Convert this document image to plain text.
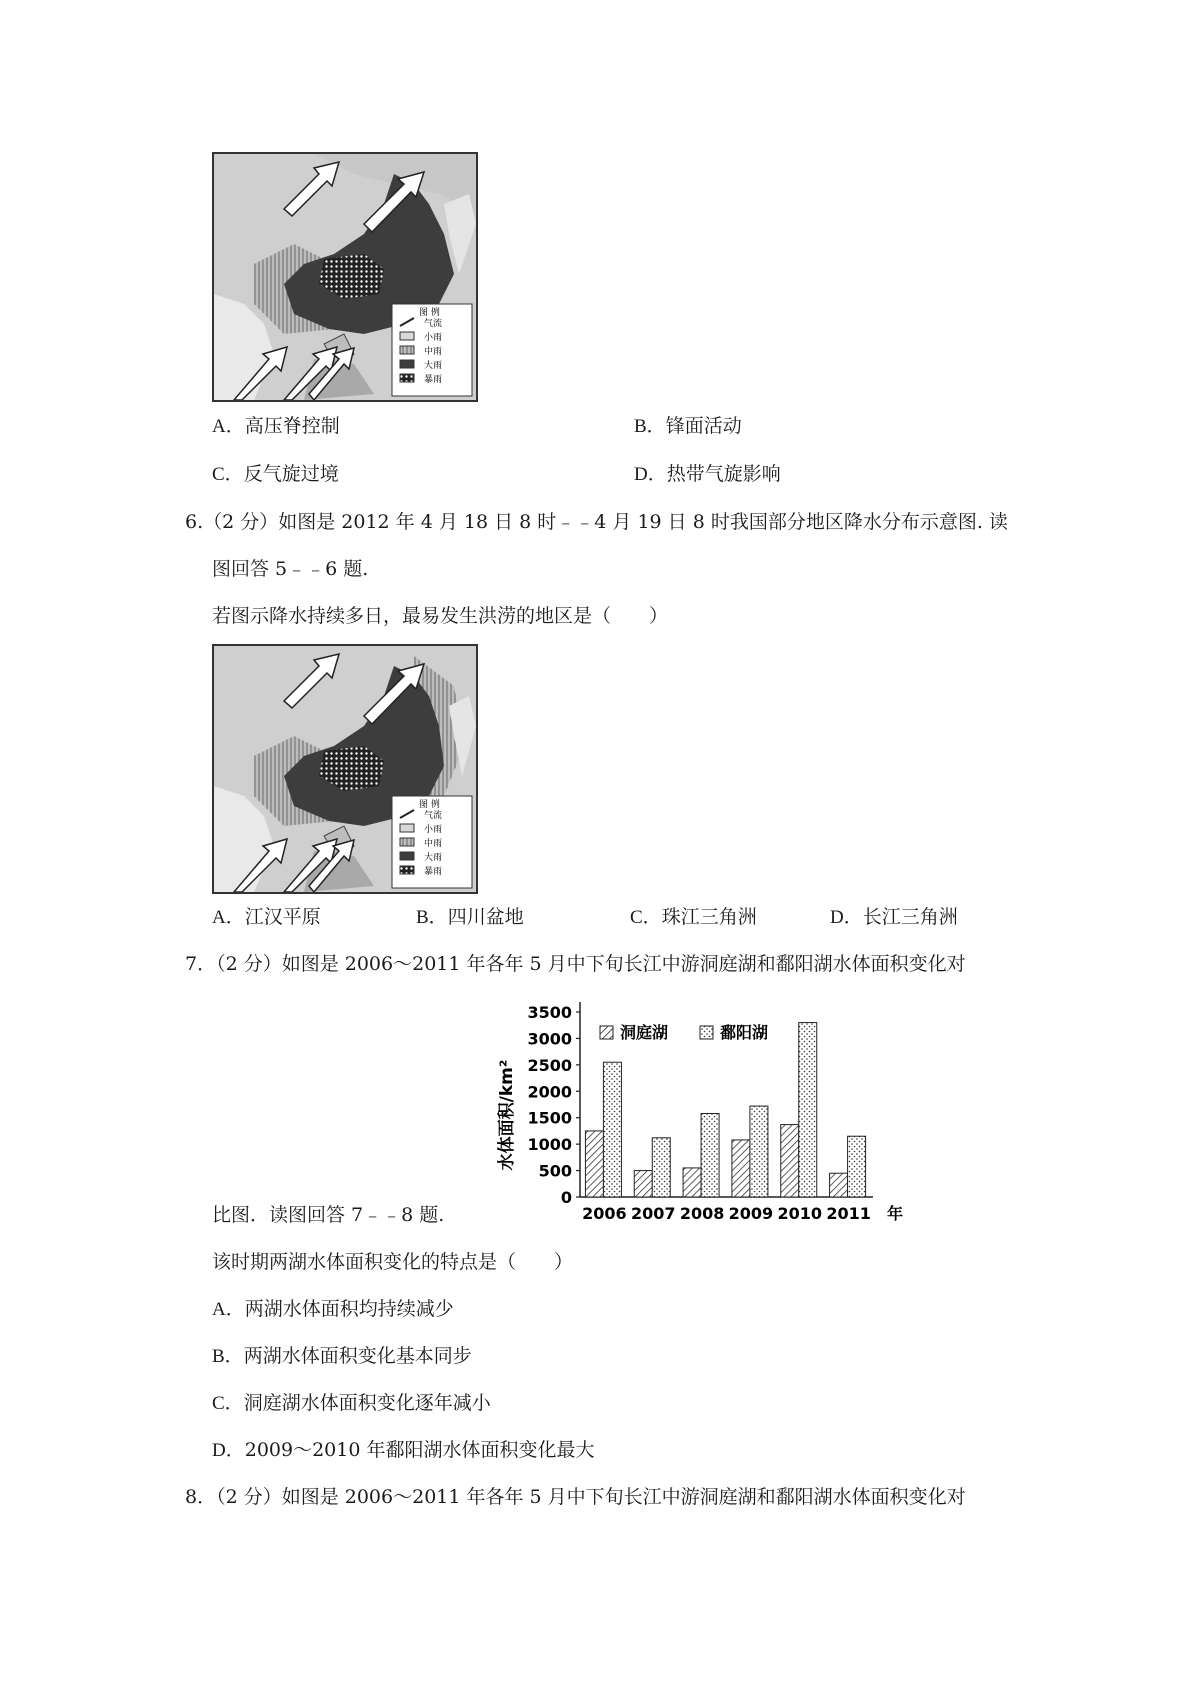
图 例
气流
小雨
中雨
大雨
暴雨
A．高压脊控制	B．锋面活动
C．反气旋过境	D．热带气旋影响
6.（2 分）如图是 2012 年 4 月 18 日 8 时﹣﹣4 月 19 日 8 时我国部分地区降水分布示意图. 读
图回答 5﹣﹣6 题.
若图示降水持续多日，最易发生洪涝的地区是（　　）
图 例
气流
小雨
中雨
大雨
暴雨
A．江汉平原	B．四川盆地	C．珠江三角洲	D．长江三角洲
7．（2 分）如图是 2006～2011 年各年 5 月中下旬长江中游洞庭湖和鄱阳湖水体面积变化对
0
500
1000
1500
2000
2500
3000
3500
2006 2007 2008 2009 2010 2011 年
水体面积/km²
洞庭湖	鄱阳湖
比图．读图回答 7﹣﹣8 题.
该时期两湖水体面积变化的特点是（　　）
A．两湖水体面积均持续减少
B．两湖水体面积变化基本同步
C．洞庭湖水体面积变化逐年减小
D．2009～2010 年鄱阳湖水体面积变化最大
8．（2 分）如图是 2006～2011 年各年 5 月中下旬长江中游洞庭湖和鄱阳湖水体面积变化对
